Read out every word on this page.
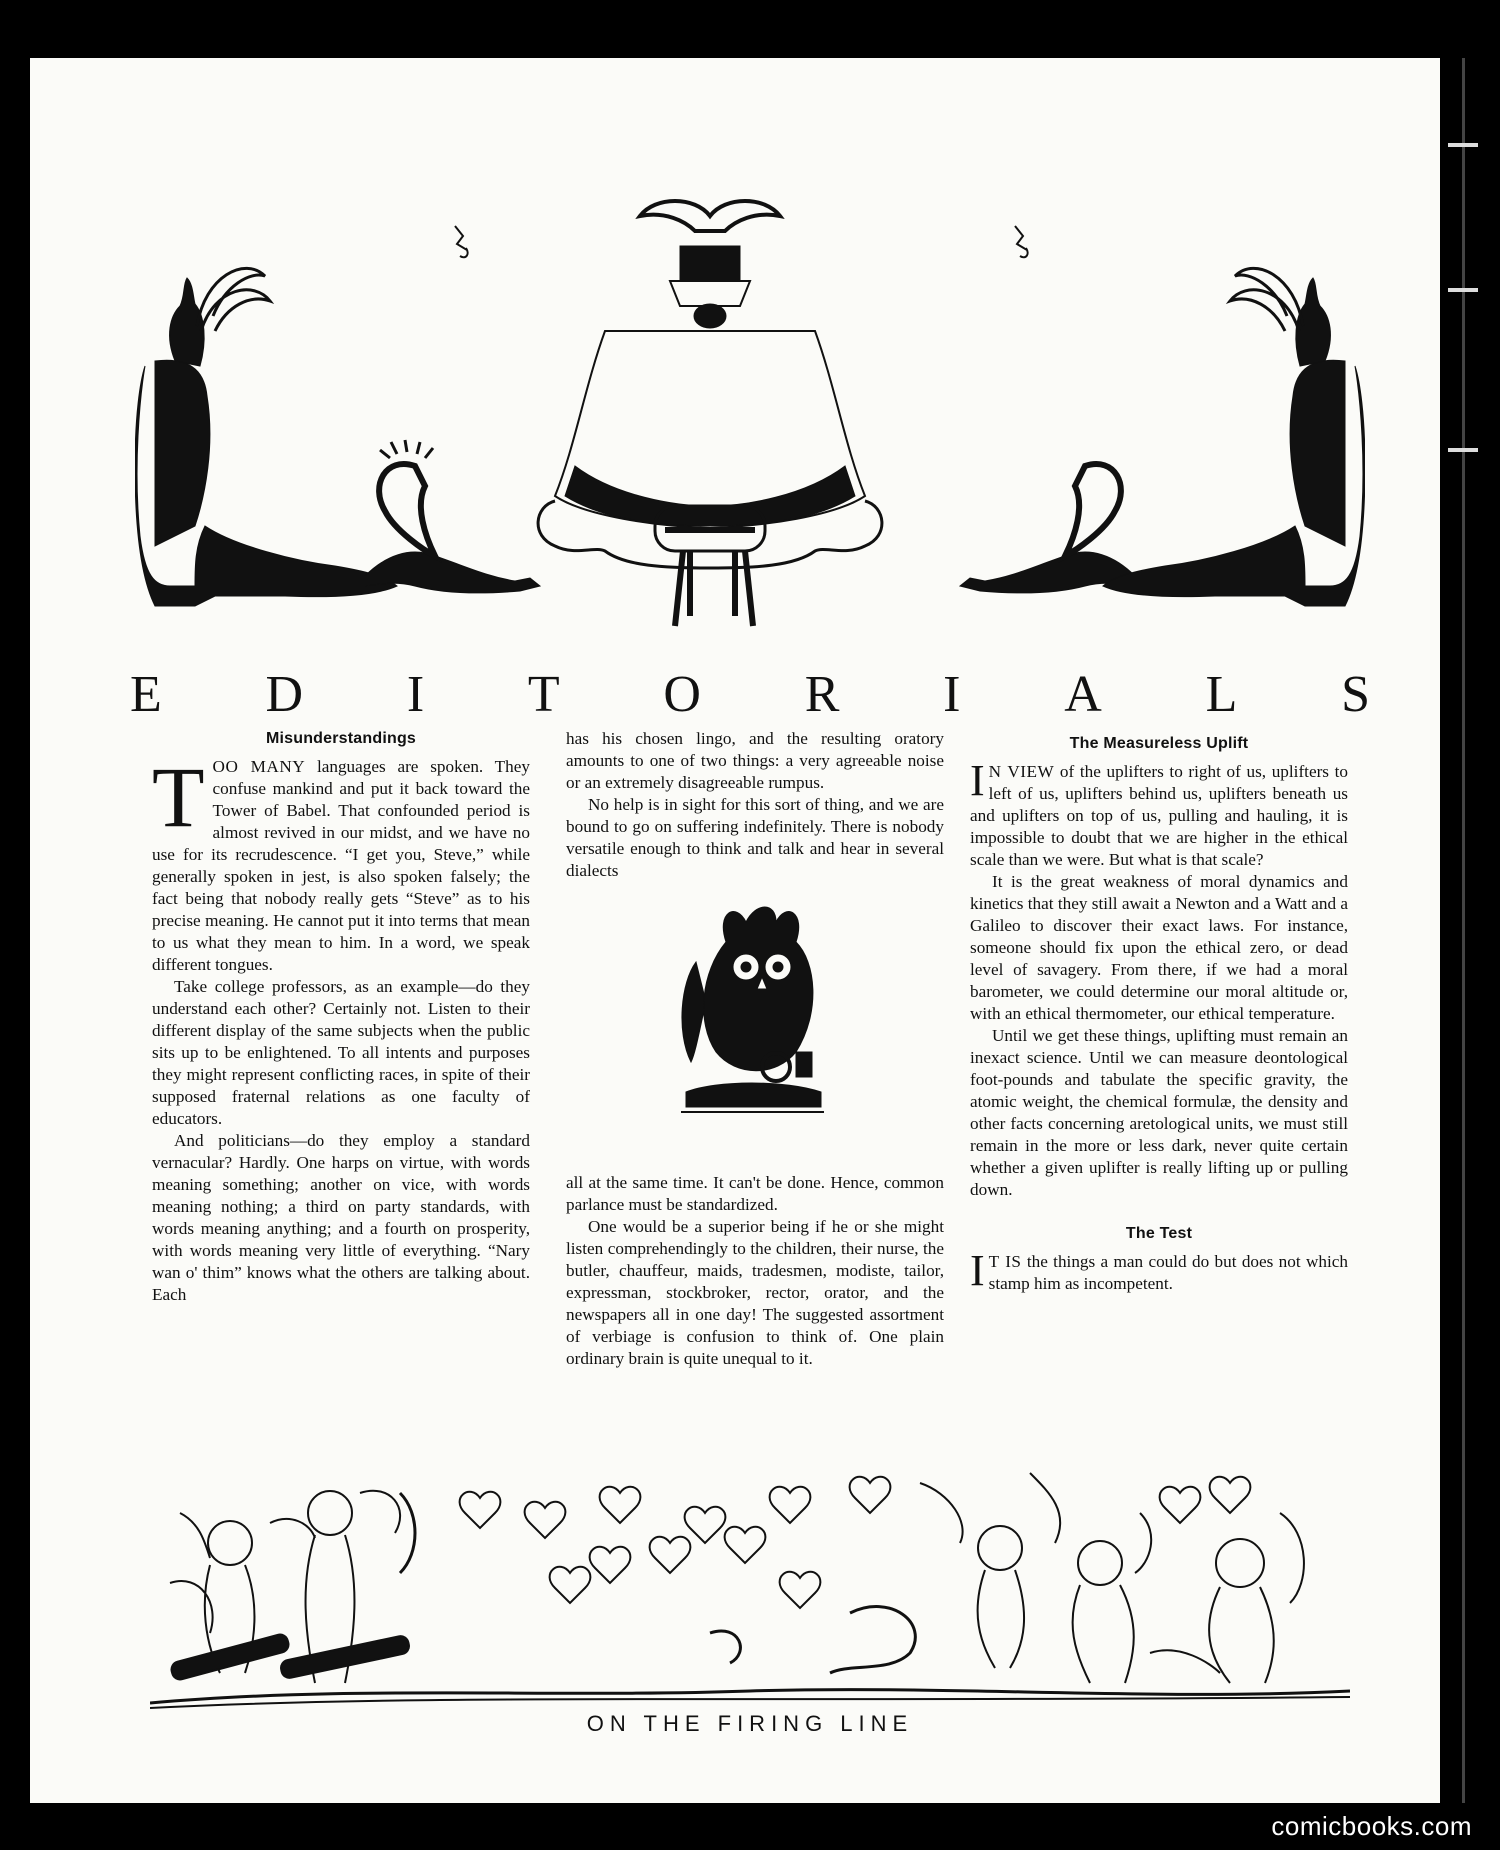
E D I T O R I A L S
Misunderstandings

TOO MANY languages are spoken. They confuse mankind and put it back toward the Tower of Babel. That confounded period is almost revived in our midst, and we have no use for its recrudescence. “I get you, Steve,” while generally spoken in jest, is also spoken falsely; the fact being that nobody really gets “Steve” as to his precise meaning. He cannot put it into terms that mean to us what they mean to him. In a word, we speak different tongues.

Take college professors, as an example—do they understand each other? Certainly not. Listen to their different display of the same subjects when the public sits up to be enlightened. To all intents and purposes they might represent conflicting races, in spite of their supposed fraternal relations as one faculty of educators.

And politicians—do they employ a standard vernacular? Hardly. One harps on virtue, with words meaning something; another on vice, with words meaning nothing; a third on party standards, with words meaning anything; and a fourth on prosperity, with words meaning very little of everything. “Nary wan o' thim” knows what the others are talking about. Each

has his chosen lingo, and the resulting oratory amounts to one of two things: a very agreeable noise or an extremely disagreeable rumpus.

No help is in sight for this sort of thing, and we are bound to go on suffering indefinitely. There is nobody versatile enough to think and talk and hear in several dialects

all at the same time. It can't be done. Hence, common parlance must be standardized.

One would be a superior being if he or she might listen comprehendingly to the children, their nurse, the butler, chauffeur, maids, tradesmen, modiste, tailor, expressman, stockbroker, rector, orator, and the newspapers all in one day! The suggested assortment of verbiage is confusion to think of. One plain ordinary brain is quite unequal to it.

The Measureless Uplift

I N VIEW of the uplifters to right of us, uplifters to left of us, uplifters behind us, uplifters beneath us and uplifters on top of us, pulling and hauling, it is impossible to doubt that we are higher in the ethical scale than we were. But what is that scale?

It is the great weakness of moral dynamics and kinetics that they still await a Newton and a Watt and a Galileo to discover their exact laws. For instance, someone should fix upon the ethical zero, or dead level of savagery. From there, if we had a moral barometer, we could determine our moral altitude or, with an ethical thermometer, our ethical temperature.

Until we get these things, uplifting must remain an inexact science. Until we can measure deontological foot-pounds and tabulate the specific gravity, the atomic weight, the chemical formulæ, the density and other facts concerning aretological units, we must still remain in the more or less dark, never quite certain whether a given uplifter is really lifting up or pulling down.

The Test

I T IS the things a man could do but does not which stamp him as incompetent.

ON THE FIRING LINE
comicbooks.com
